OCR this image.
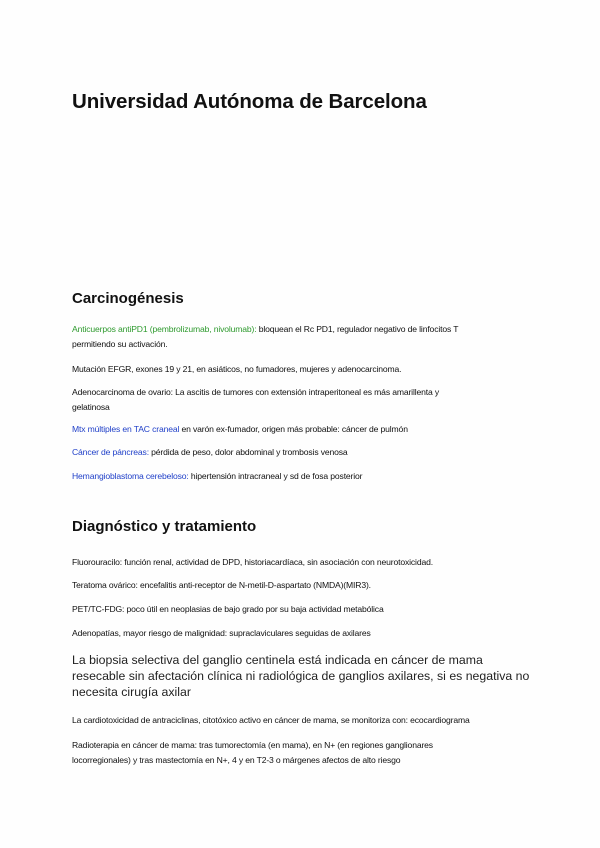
Universidad Autónoma de Barcelona
Carcinogénesis
Anticuerpos antiPD1 (pembrolizumab, nivolumab): bloquean el Rc PD1, regulador negativo de linfocitos T
permitiendo su activación.
Mutación EFGR, exones 19 y 21, en asiáticos, no fumadores, mujeres y adenocarcinoma.
Adenocarcinoma de ovario: La ascitis de tumores con extensión intraperitoneal es más amarillenta y
gelatinosa
Mtx múltiples en TAC craneal en varón ex-fumador, origen más probable: cáncer de pulmón
Cáncer de páncreas: pérdida de peso, dolor abdominal y trombosis venosa
Hemangioblastoma cerebeloso: hipertensión intracraneal y sd de fosa posterior
Diagnóstico y tratamiento
Fluorouracilo: función renal, actividad de DPD, historiacardíaca, sin asociación con neurotoxicidad.
Teratoma ovárico: encefalitis anti-receptor de N-metil-D-aspartato (NMDA)(MIR3).
PET/TC-FDG: poco útil en neoplasias de bajo grado por su baja actividad metabólica
Adenopatías, mayor riesgo de malignidad: supraclaviculares seguidas de axilares
La biopsia selectiva del ganglio centinela está indicada en cáncer de mama
resecable sin afectación clínica ni radiológica de ganglios axilares, si es negativa no
necesita cirugía axilar
La cardiotoxicidad de antraciclinas, citotóxico activo en cáncer de mama, se monitoriza con: ecocardiograma
Radioterapia en cáncer de mama: tras tumorectomía (en mama), en N+ (en regiones ganglionares
locorregionales) y tras mastectomía en N+, 4 y en T2-3 o márgenes afectos de alto riesgo
